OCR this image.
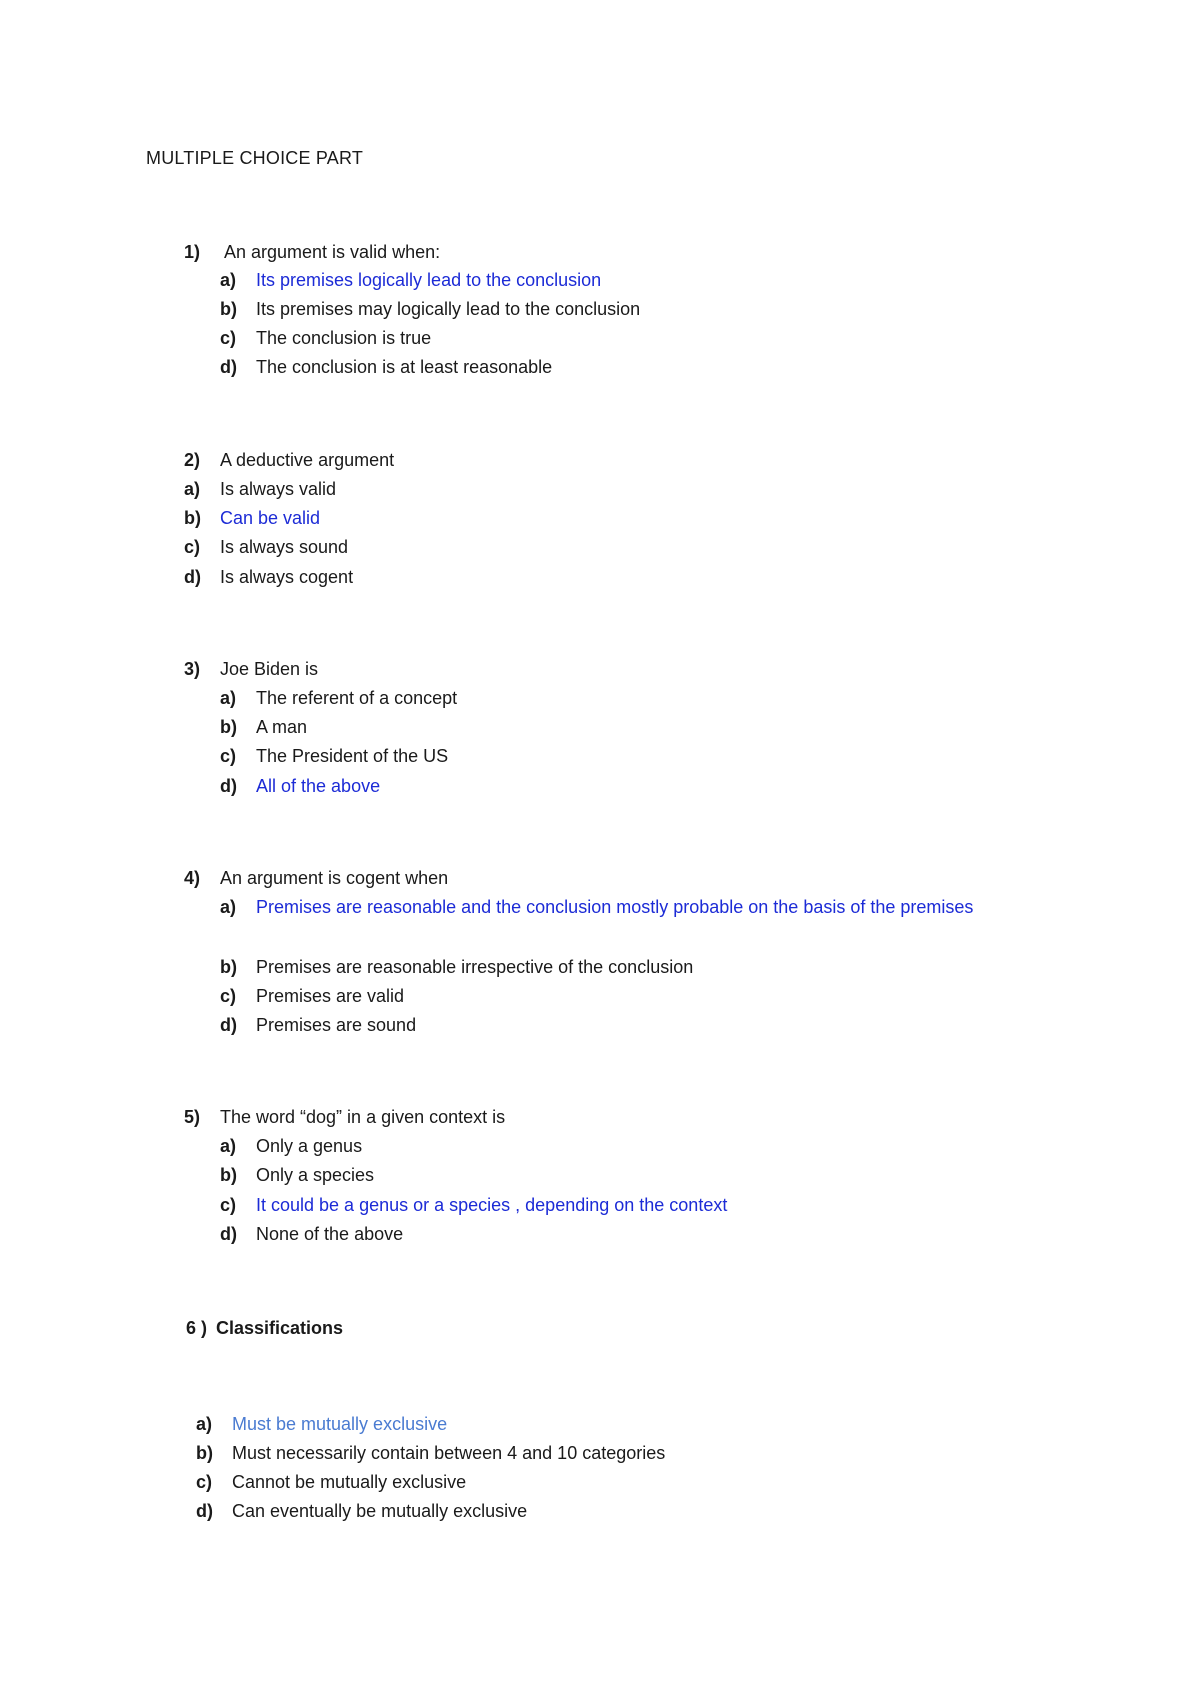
MULTIPLE CHOICE PART
1)	An argument is valid when:
a)	Its premises logically lead to the conclusion
b)	Its premises may logically lead to the conclusion
c)	The conclusion is true
d)	The conclusion is at least reasonable
2)	A deductive argument
a)	Is always valid
b)	Can be valid
c)	Is always sound
d)	Is always cogent
3)	Joe Biden is
a)	The referent of a concept
b)	A man
c)	The President of the US
d)	All of the above
4)	An argument is cogent when
a)	Premises are reasonable and the conclusion mostly probable on the basis of the premises
b)	Premises are reasonable irrespective of the conclusion
c)	Premises are valid
d)	Premises are sound
5)	The word “dog” in a given context is
a)	Only a genus
b)	Only a species
c)	It could be a genus or a species , depending on the context
d)	None of the above
6 ) Classifications
a)	Must be mutually exclusive
b)	Must necessarily contain between 4 and 10 categories
c)	Cannot be mutually exclusive
d)	Can eventually be mutually exclusive
